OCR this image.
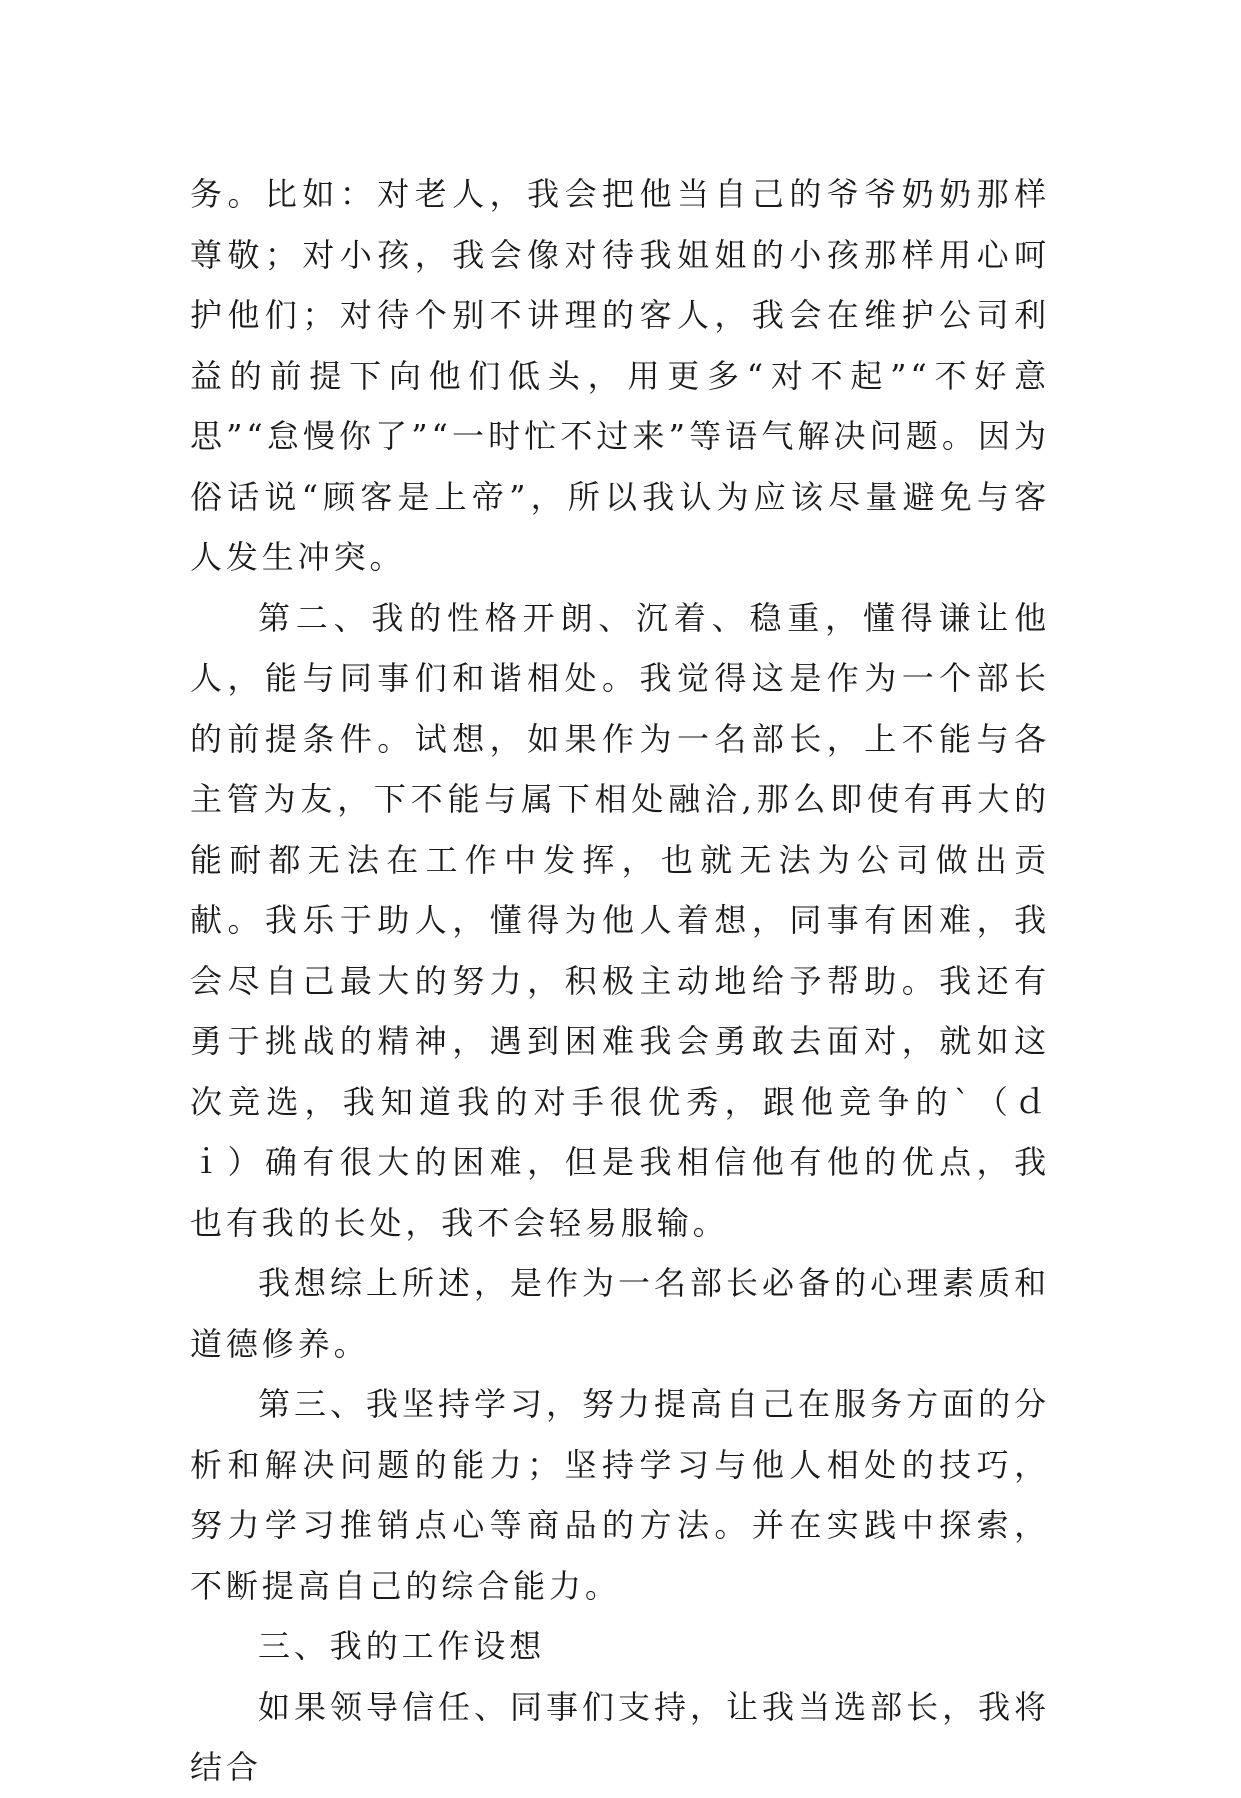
务。比如：对老人，我会把他当自己的爷爷奶奶那样尊敬；对小孩，我会像对待我姐姐的小孩那样用心呵护他们；对待个别不讲理的客人，我会在维护公司利益的前提下向他们低头，用更多“对不起”“不好意思”“怠慢你了”“一时忙不过来”等语气解决问题。因为俗话说“顾客是上帝”，所以我认为应该尽量避免与客人发生冲突。

第二、我的性格开朗、沉着、稳重，懂得谦让他人，能与同事们和谐相处。我觉得这是作为一个部长的前提条件。试想，如果作为一名部长，上不能与各主管为友，下不能与属下相处融洽,那么即使有再大的能耐都无法在工作中发挥，也就无法为公司做出贡献。我乐于助人，懂得为他人着想，同事有困难，我会尽自己最大的努力，积极主动地给予帮助。我还有勇于挑战的精神，遇到困难我会勇敢去面对，就如这次竞选，我知道我的对手很优秀，跟他竞争的`（ｄｉ）确有很大的困难，但是我相信他有他的优点，我也有我的长处，我不会轻易服输。

我想综上所述，是作为一名部长必备的心理素质和道德修养。

第三、我坚持学习，努力提高自己在服务方面的分析和解决问题的能力；坚持学习与他人相处的技巧，努力学习推销点心等商品的方法。并在实践中探索，不断提高自己的综合能力。

三、我的工作设想

如果领导信任、同事们支持，让我当选部长，我将结合
